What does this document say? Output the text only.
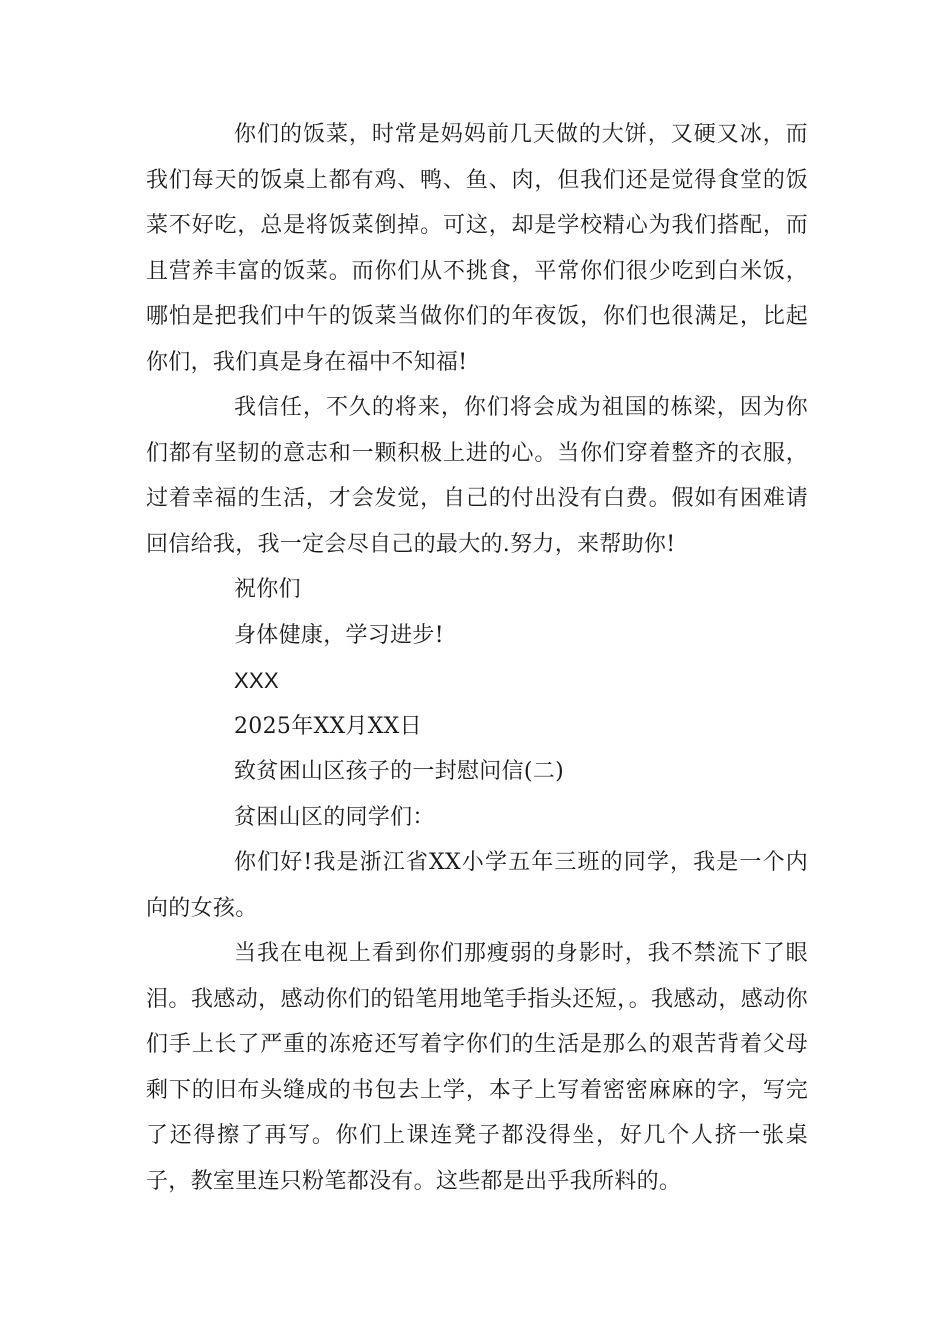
你们的饭菜，时常是妈妈前几天做的大饼，又硬又冰，而我们每天的饭桌上都有鸡、鸭、鱼、肉，但我们还是觉得食堂的饭菜不好吃，总是将饭菜倒掉。可这，却是学校精心为我们搭配，而且营养丰富的饭菜。而你们从不挑食，平常你们很少吃到白米饭，哪怕是把我们中午的饭菜当做你们的年夜饭，你们也很满足，比起你们，我们真是身在福中不知福!

我信任，不久的将来，你们将会成为祖国的栋梁，因为你们都有坚韧的意志和一颗积极上进的心。当你们穿着整齐的衣服，过着幸福的生活，才会发觉，自己的付出没有白费。假如有困难请回信给我，我一定会尽自己的最大的.努力，来帮助你!

祝你们

身体健康，学习进步!

XXX

2025年XX月XX日

致贫困山区孩子的一封慰问信(二)

贫困山区的同学们：

你们好!我是浙江省XX小学五年三班的同学，我是一个内向的女孩。

当我在电视上看到你们那瘦弱的身影时，我不禁流下了眼泪。我感动，感动你们的铅笔用地笔手指头还短，。我感动，感动你们手上长了严重的冻疮还写着字你们的生活是那么的艰苦背着父母剩下的旧布头缝成的书包去上学，本子上写着密密麻麻的字，写完了还得擦了再写。你们上课连凳子都没得坐，好几个人挤一张桌子，教室里连只粉笔都没有。这些都是出乎我所料的。
